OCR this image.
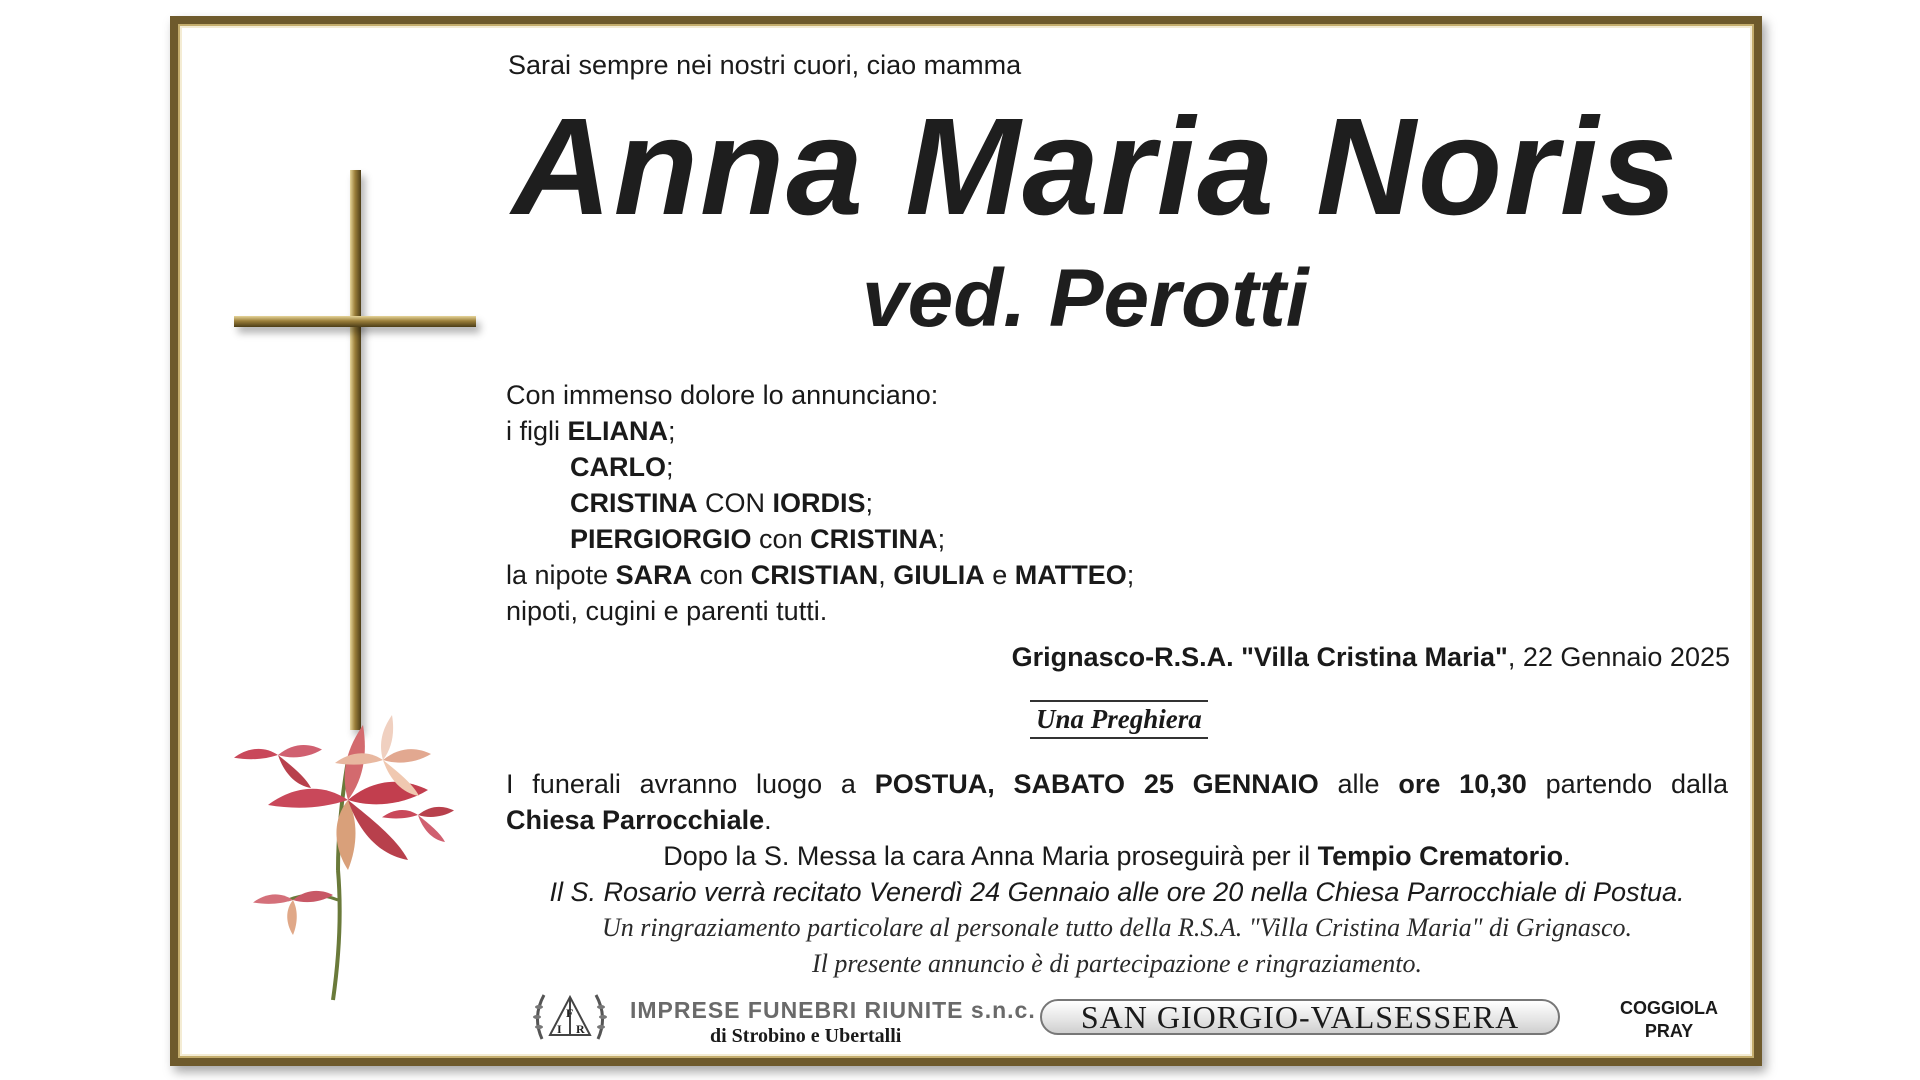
Sarai sempre nei nostri cuori, ciao mamma
Anna Maria Noris
ved. Perotti
Con immenso dolore lo annunciano:
i figli ELIANA;
CARLO;
CRISTINA CON IORDIS;
PIERGIORGIO con CRISTINA;
la nipote SARA con CRISTIAN, GIULIA e MATTEO;
nipoti, cugini e parenti tutti.
Grignasco-R.S.A. "Villa Cristina Maria", 22 Gennaio 2025
Una Preghiera
I funerali avranno luogo a POSTUA, SABATO 25 GENNAIO alle ore 10,30 partendo dalla
Chiesa Parrocchiale.
Dopo la S. Messa la cara Anna Maria proseguirà per il Tempio Crematorio.
Il S. Rosario verrà recitato Venerdì 24 Gennaio alle ore 20 nella Chiesa Parrocchiale di Postua.
Un ringraziamento particolare al personale tutto della R.S.A. "Villa Cristina Maria" di Grignasco.
Il presente annuncio è di partecipazione e ringraziamento.
I
F
R
IMPRESE FUNEBRI RIUNITE s.n.c.
di Strobino e Ubertalli
SAN GIORGIO-VALSESSERA	COGGIOLA
PRAY
